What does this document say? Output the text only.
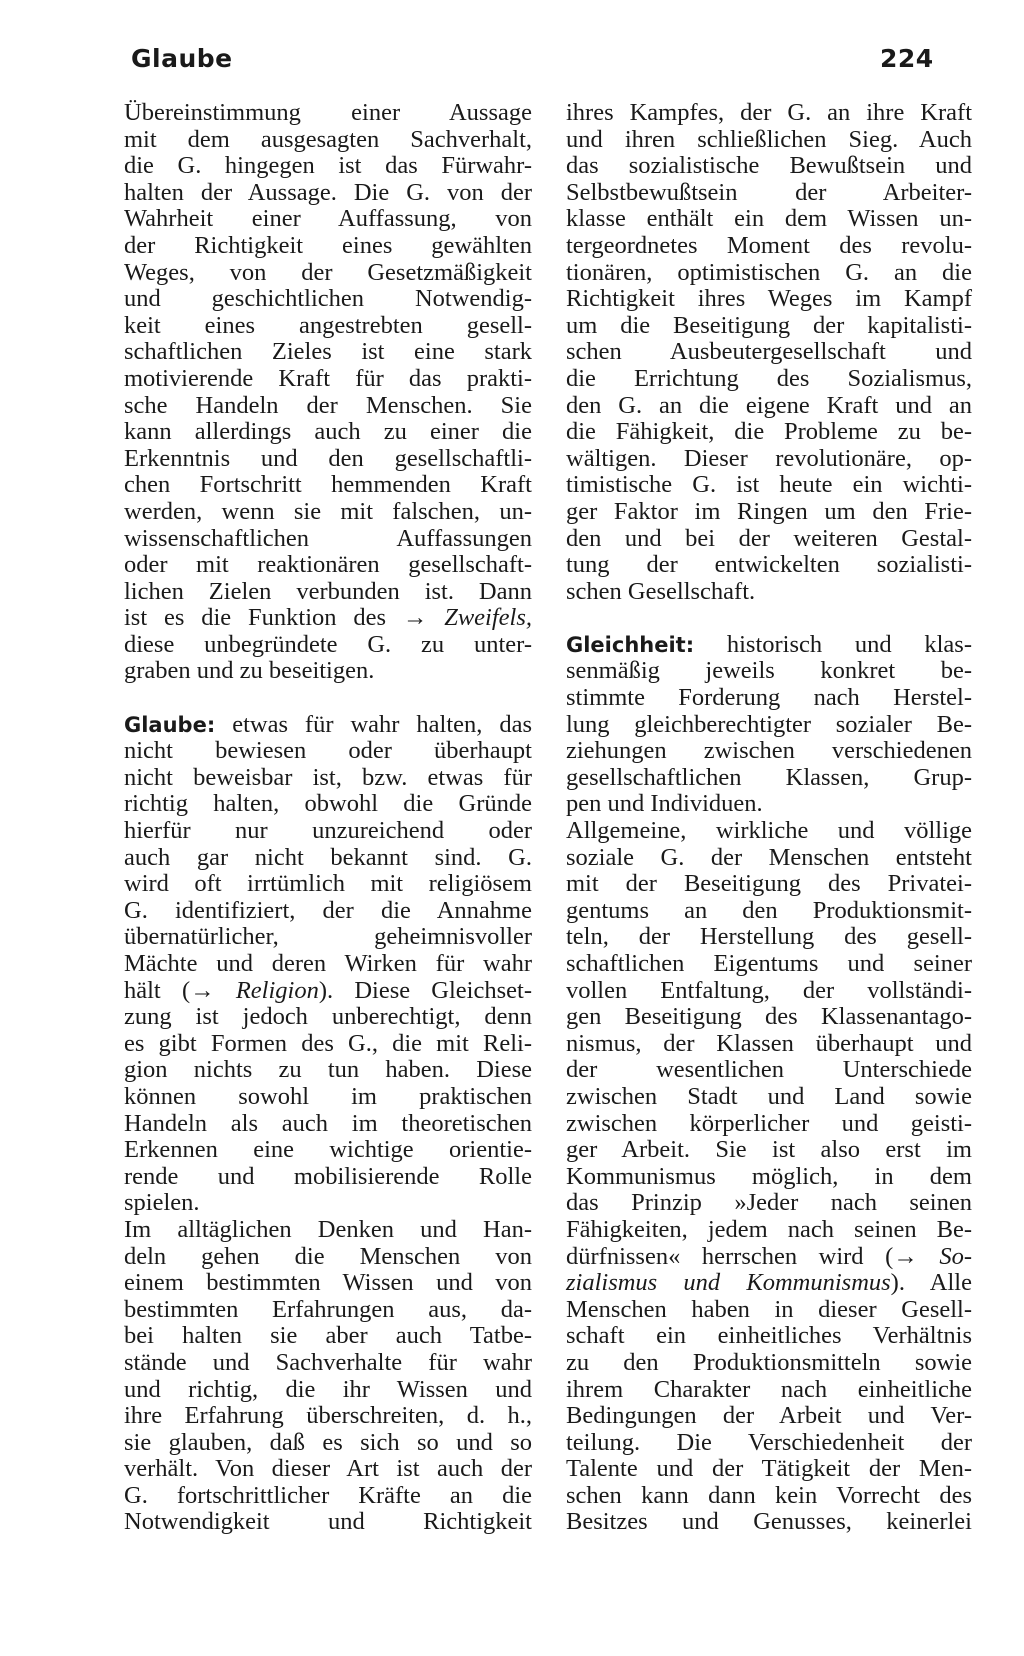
Glaube	224
Übereinstimmung einer Aussage
mit dem ausgesagten Sachverhalt,
die G. hingegen ist das Fürwahr-
halten der Aussage. Die G. von der
Wahrheit einer Auffassung, von
der Richtigkeit eines gewählten
Weges, von der Gesetzmäßigkeit
und geschichtlichen Notwendig-
keit eines angestrebten gesell-
schaftlichen Zieles ist eine stark
motivierende Kraft für das prakti-
sche Handeln der Menschen. Sie
kann allerdings auch zu einer die
Erkenntnis und den gesellschaftli-
chen Fortschritt hemmenden Kraft
werden, wenn sie mit falschen, un-
wissenschaftlichen Auffassungen
oder mit reaktionären gesellschaft-
lichen Zielen verbunden ist. Dann
ist es die Funktion des → Zweifels,
diese unbegründete G. zu unter-
graben und zu beseitigen.
Glaube: etwas für wahr halten, das
nicht bewiesen oder überhaupt
nicht beweisbar ist, bzw. etwas für
richtig halten, obwohl die Gründe
hierfür nur unzureichend oder
auch gar nicht bekannt sind. G.
wird oft irrtümlich mit religiösem
G. identifiziert, der die Annahme
übernatürlicher, geheimnisvoller
Mächte und deren Wirken für wahr
hält (→ Religion). Diese Gleichset-
zung ist jedoch unberechtigt, denn
es gibt Formen des G., die mit Reli-
gion nichts zu tun haben. Diese
können sowohl im praktischen
Handeln als auch im theoretischen
Erkennen eine wichtige orientie-
rende und mobilisierende Rolle
spielen.
Im alltäglichen Denken und Han-
deln gehen die Menschen von
einem bestimmten Wissen und von
bestimmten Erfahrungen aus, da-
bei halten sie aber auch Tatbe-
stände und Sachverhalte für wahr
und richtig, die ihr Wissen und
ihre Erfahrung überschreiten, d. h.,
sie glauben, daß es sich so und so
verhält. Von dieser Art ist auch der
G. fortschrittlicher Kräfte an die
Notwendigkeit und Richtigkeit
ihres Kampfes, der G. an ihre Kraft
und ihren schließlichen Sieg. Auch
das sozialistische Bewußtsein und
Selbstbewußtsein der Arbeiter-
klasse enthält ein dem Wissen un-
tergeordnetes Moment des revolu-
tionären, optimistischen G. an die
Richtigkeit ihres Weges im Kampf
um die Beseitigung der kapitalisti-
schen Ausbeutergesellschaft und
die Errichtung des Sozialismus,
den G. an die eigene Kraft und an
die Fähigkeit, die Probleme zu be-
wältigen. Dieser revolutionäre, op-
timistische G. ist heute ein wichti-
ger Faktor im Ringen um den Frie-
den und bei der weiteren Gestal-
tung der entwickelten sozialisti-
schen Gesellschaft.
Gleichheit: historisch und klas-
senmäßig jeweils konkret be-
stimmte Forderung nach Herstel-
lung gleichberechtigter sozialer Be-
ziehungen zwischen verschiedenen
gesellschaftlichen Klassen, Grup-
pen und Individuen.
Allgemeine, wirkliche und völlige
soziale G. der Menschen entsteht
mit der Beseitigung des Privatei-
gentums an den Produktionsmit-
teln, der Herstellung des gesell-
schaftlichen Eigentums und seiner
vollen Entfaltung, der vollständi-
gen Beseitigung des Klassenantago-
nismus, der Klassen überhaupt und
der wesentlichen Unterschiede
zwischen Stadt und Land sowie
zwischen körperlicher und geisti-
ger Arbeit. Sie ist also erst im
Kommunismus möglich, in dem
das Prinzip »Jeder nach seinen
Fähigkeiten, jedem nach seinen Be-
dürfnissen« herrschen wird (→ So-
zialismus und Kommunismus). Alle
Menschen haben in dieser Gesell-
schaft ein einheitliches Verhältnis
zu den Produktionsmitteln sowie
ihrem Charakter nach einheitliche
Bedingungen der Arbeit und Ver-
teilung. Die Verschiedenheit der
Talente und der Tätigkeit der Men-
schen kann dann kein Vorrecht des
Besitzes und Genusses, keinerlei
